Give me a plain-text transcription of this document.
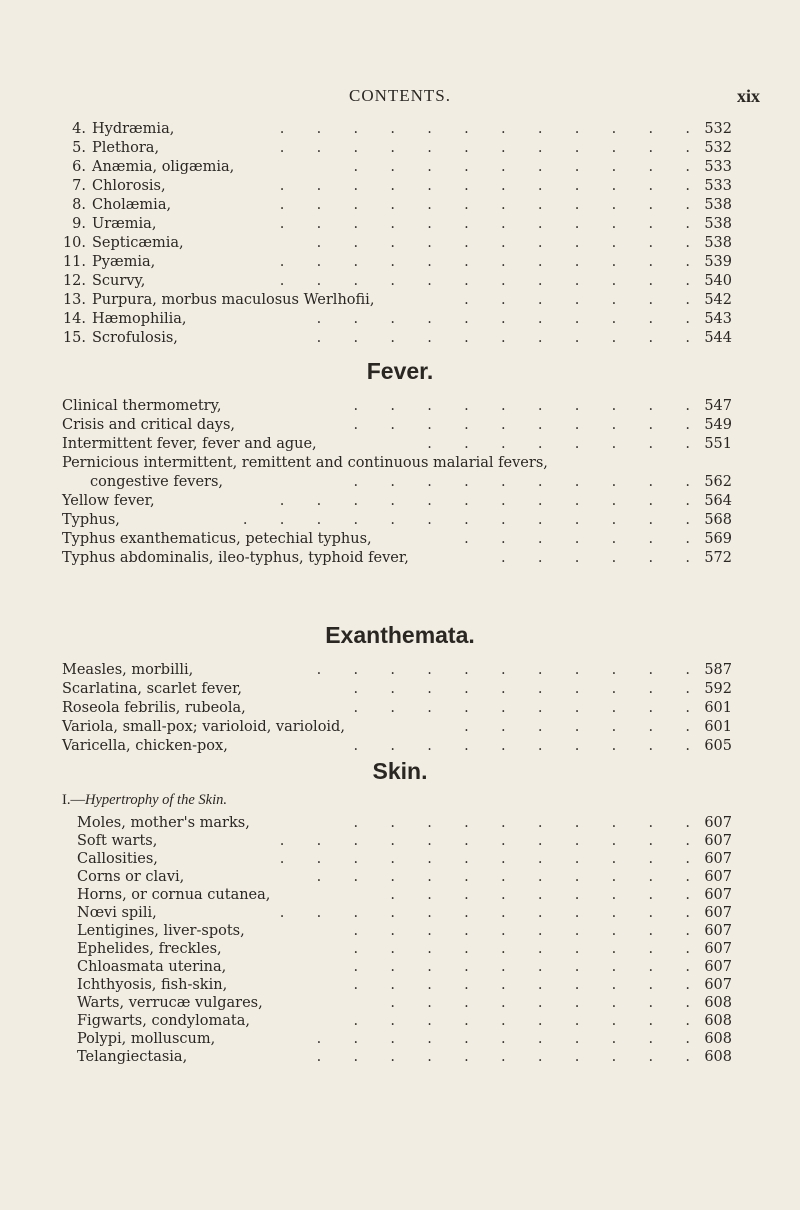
CONTENTS.	xix
4. Hydræmia,	.       .       .       .       .       .       .       .       .       .       .       . 532
5. Plethora,	.       .       .       .       .       .       .       .       .       .       .       . 532
6. Anæmia, oligæmia,	.       .       .       .       .       .       .       .       .       . 533
7. Chlorosis,	.       .       .       .       .       .       .       .       .       .       .       . 533
8. Cholæmia,	.       .       .       .       .       .       .       .       .       .       .       . 538
9. Uræmia,	.       .       .       .       .       .       .       .       .       .       .       . 538
10. Septicæmia,	.       .       .       .       .       .       .       .       .       .       . 538
11. Pyæmia,	.       .       .       .       .       .       .       .       .       .       .       . 539
12. Scurvy,	.       .       .       .       .       .       .       .       .       .       .       . 540
13. Purpura, morbus maculosus Werlhofii,	.       .       .       .       .       .       . 542
14. Hæmophilia,	.       .       .       .       .       .       .       .       .       .       . 543
15. Scrofulosis,	.       .       .       .       .       .       .       .       .       .       . 544
Fever.
Clinical thermometry,	.       .       .       .       .       .       .       .       .       . 547
Crisis and critical days,	.       .       .       .       .       .       .       .       .       . 549
Intermittent fever, fever and ague,	.       .       .       .       .       .       .       . 551
Pernicious intermittent, remittent and continuous malarial fevers,
congestive fevers,	.       .       .       .       .       .       .       .       .       . 562
Yellow fever,	.       .       .       .       .       .       .       .       .       .       .       . 564
Typhus,	.       .       .       .       .       .       .       .       .       .       .       .       . 568
Typhus exanthematicus, petechial typhus,	.       .       .       .       .       .       . 569
Typhus abdominalis, ileo-typhus, typhoid fever,	.       .       .       .       .       . 572
Exanthemata.
Measles, morbilli,	.       .       .       .       .       .       .       .       .       .       . 587
Scarlatina, scarlet fever,	.       .       .       .       .       .       .       .       .       . 592
Roseola febrilis, rubeola,	.       .       .       .       .       .       .       .       .       . 601
Variola, small-pox; varioloid, varioloid,	.       .       .       .       .       .       . 601
Varicella, chicken-pox,	.       .       .       .       .       .       .       .       .       . 605
Skin.
I.—Hypertrophy of the Skin.
Moles, mother's marks,	.       .       .       .       .       .       .       .       .       . 607
Soft warts,	.       .       .       .       .       .       .       .       .       .       .       . 607
Callosities,	.       .       .       .       .       .       .       .       .       .       .       . 607
Corns or clavi,	.       .       .       .       .       .       .       .       .       .       . 607
Horns, or cornua cutanea,	.       .       .       .       .       .       .       .       . 607
Nœvi spili,	.       .       .       .       .       .       .       .       .       .       .       . 607
Lentigines, liver-spots,	.       .       .       .       .       .       .       .       .       . 607
Ephelides, freckles,	.       .       .       .       .       .       .       .       .       . 607
Chloasmata uterina,	.       .       .       .       .       .       .       .       .       . 607
Ichthyosis, fish-skin,	.       .       .       .       .       .       .       .       .       . 607
Warts, verrucæ vulgares,	.       .       .       .       .       .       .       .       . 608
Figwarts, condylomata,	.       .       .       .       .       .       .       .       .       . 608
Polypi, molluscum,	.       .       .       .       .       .       .       .       .       .       . 608
Telangiectasia,	.       .       .       .       .       .       .       .       .       .       . 608
